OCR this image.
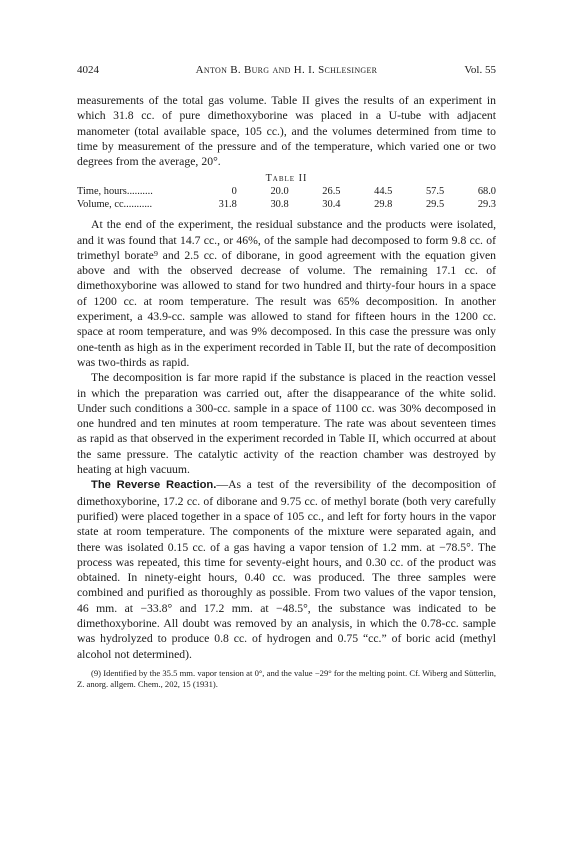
4024	Anton B. Burg and H. I. Schlesinger	Vol. 55

measurements of the total gas volume. Table II gives the results of an experiment in which 31.8 cc. of pure dimethoxyborine was placed in a U-tube with adjacent manometer (total available space, 105 cc.), and the volumes determined from time to time by measurement of the pressure and of the temperature, which varied one or two degrees from the average, 20°.

Table II
Time, hours..........	0	20.0	26.5	44.5	57.5	68.0
Volume, cc...........	31.8	30.8	30.4	29.8	29.5	29.3

At the end of the experiment, the residual substance and the products were isolated, and it was found that 14.7 cc., or 46%, of the sample had decomposed to form 9.8 cc. of trimethyl borate⁹ and 2.5 cc. of diborane, in good agreement with the equation given above and with the observed decrease of volume. The remaining 17.1 cc. of dimethoxyborine was allowed to stand for two hundred and thirty-four hours in a space of 1200 cc. at room temperature. The result was 65% decomposition. In another experiment, a 43.9-cc. sample was allowed to stand for fifteen hours in the 1200 cc. space at room temperature, and was 9% decomposed. In this case the pressure was only one-tenth as high as in the experiment recorded in Table II, but the rate of decomposition was two-thirds as rapid.

The decomposition is far more rapid if the substance is placed in the reaction vessel in which the preparation was carried out, after the disappearance of the white solid. Under such conditions a 300-cc. sample in a space of 1100 cc. was 30% decomposed in one hundred and ten minutes at room temperature. The rate was about seventeen times as rapid as that observed in the experiment recorded in Table II, which occurred at about the same pressure. The catalytic activity of the reaction chamber was destroyed by heating at high vacuum.

The Reverse Reaction.—As a test of the reversibility of the decomposition of dimethoxyborine, 17.2 cc. of diborane and 9.75 cc. of methyl borate (both very carefully purified) were placed together in a space of 105 cc., and left for forty hours in the vapor state at room temperature. The components of the mixture were separated again, and there was isolated 0.15 cc. of a gas having a vapor tension of 1.2 mm. at −78.5°. The process was repeated, this time for seventy-eight hours, and 0.30 cc. of the product was obtained. In ninety-eight hours, 0.40 cc. was produced. The three samples were combined and purified as thoroughly as possible. From two values of the vapor tension, 46 mm. at −33.8° and 17.2 mm. at −48.5°, the substance was indicated to be dimethoxyborine. All doubt was removed by an analysis, in which the 0.78-cc. sample was hydrolyzed to produce 0.8 cc. of hydrogen and 0.75 “cc.” of boric acid (methyl alcohol not determined).

(9) Identified by the 35.5 mm. vapor tension at 0°, and the value −29° for the melting point. Cf. Wiberg and Sütterlin, Z. anorg. allgem. Chem., 202, 15 (1931).
